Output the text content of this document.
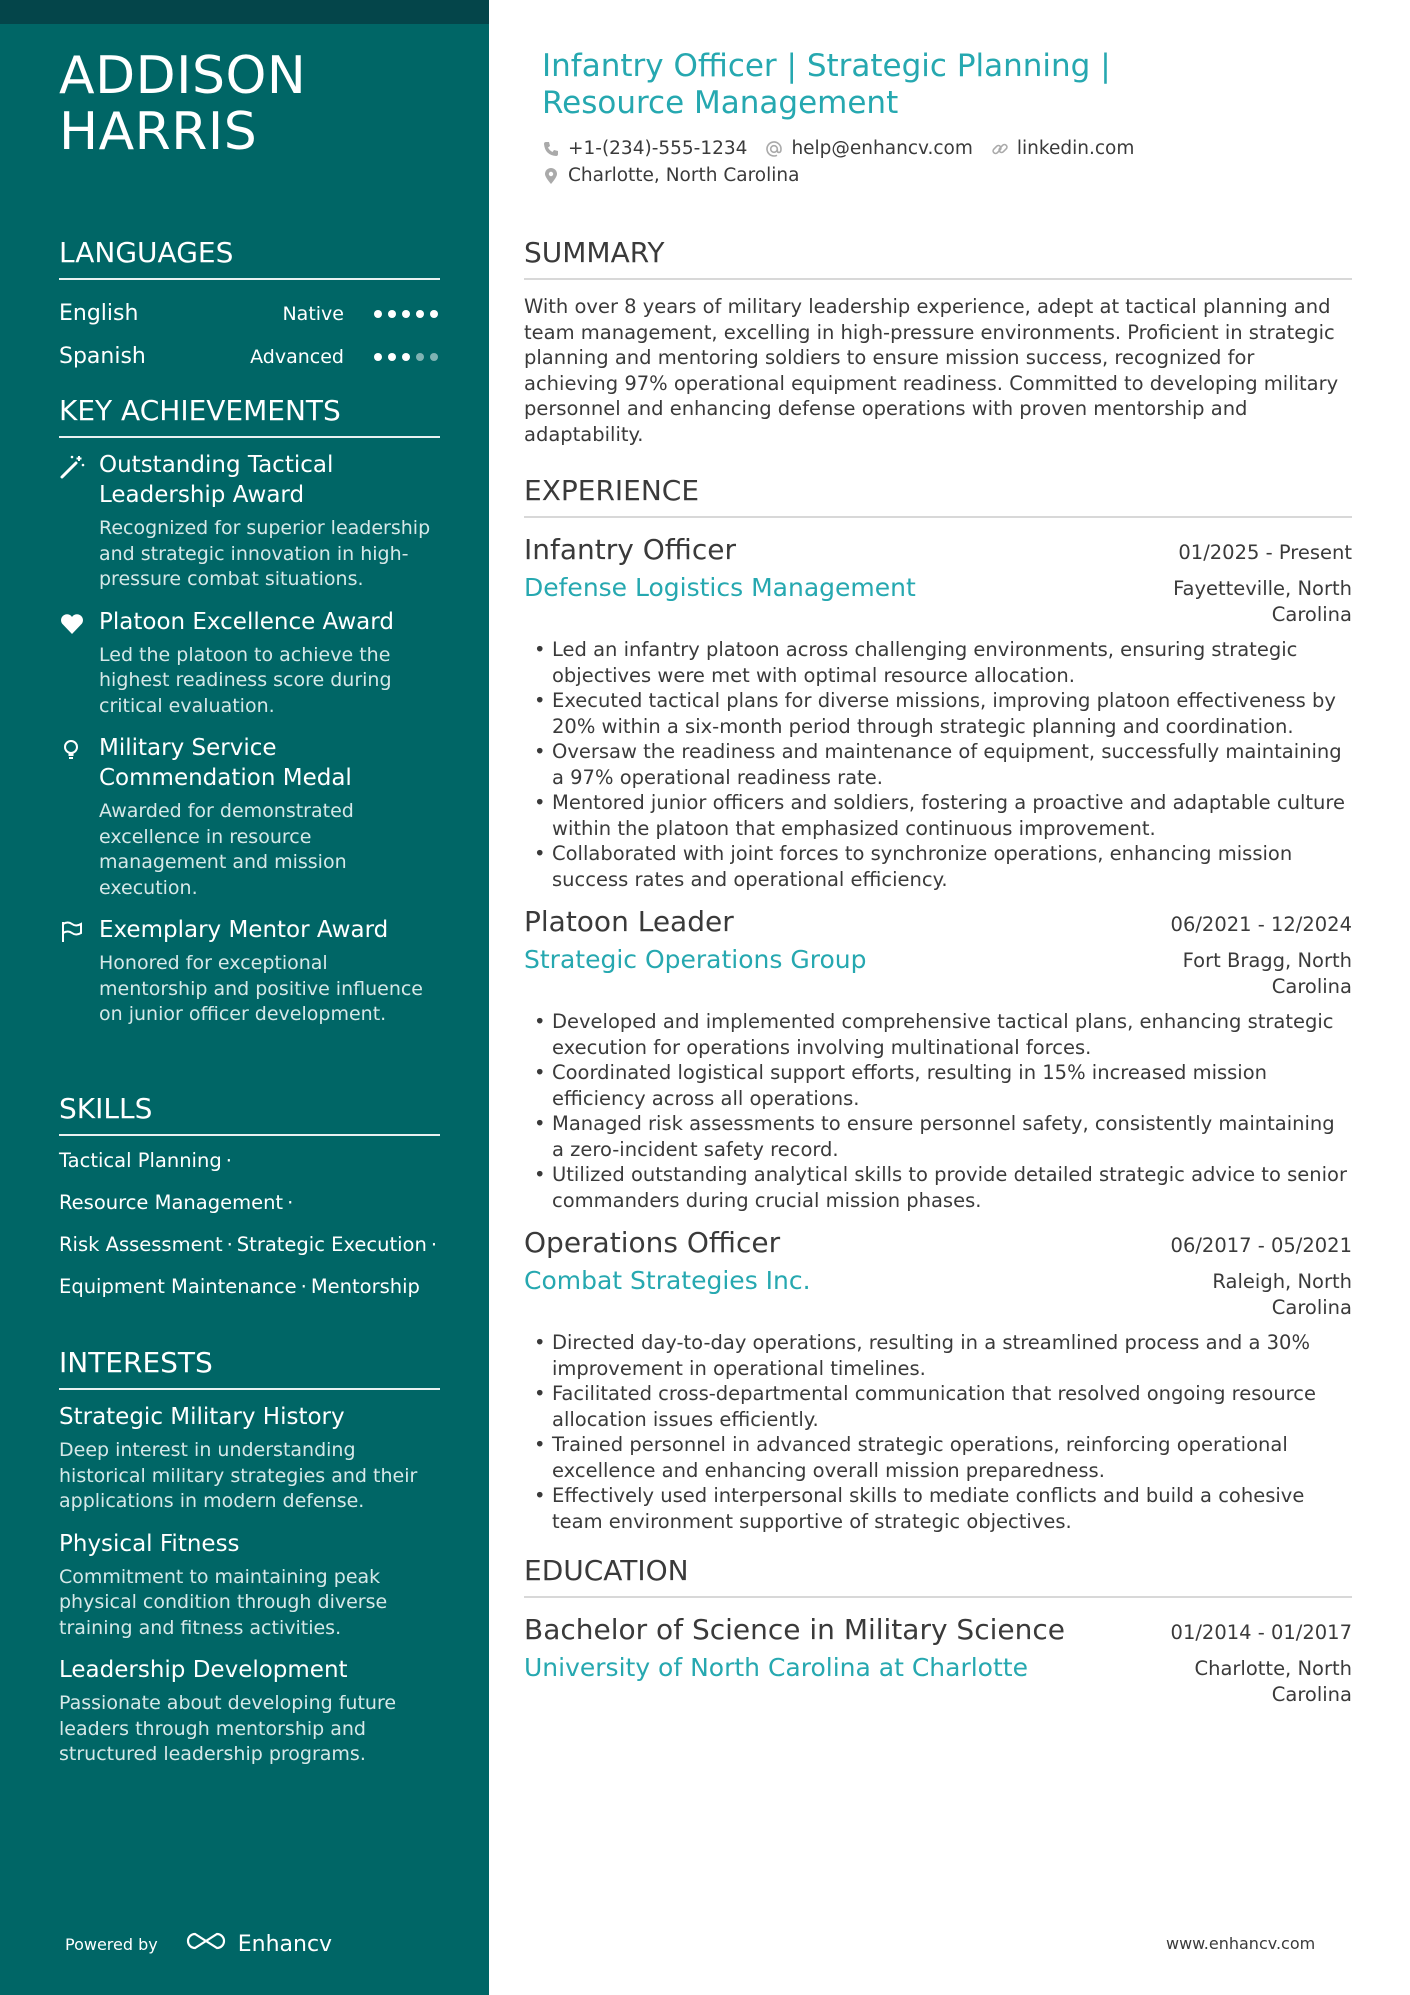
ADDISON
HARRIS
LANGUAGES
English	Native
Spanish	Advanced
KEY ACHIEVEMENTS
Outstanding Tactical Leadership Award
Recognized for superior leadership and strategic innovation in high-pressure combat situations.
Platoon Excellence Award
Led the platoon to achieve the highest readiness score during critical evaluation.
Military Service Commendation Medal
Awarded for demonstrated excellence in resource management and mission execution.
Exemplary Mentor Award
Honored for exceptional mentorship and positive influence on junior officer development.
SKILLS
Tactical Planning ·
Resource Management ·
Risk Assessment · Strategic Execution ·
Equipment Maintenance · Mentorship
INTERESTS
Strategic Military History
Deep interest in understanding historical military strategies and their applications in modern defense.
Physical Fitness
Commitment to maintaining peak physical condition through diverse training and fitness activities.
Leadership Development
Passionate about developing future leaders through mentorship and structured leadership programs.
Powered by	Enhancv
Infantry Officer | Strategic Planning | Resource Management
+1-(234)-555-1234 help@enhancv.com linkedin.com
Charlotte, North Carolina
SUMMARY
With over 8 years of military leadership experience, adept at tactical planning and team management, excelling in high-pressure environments. Proficient in strategic planning and mentoring soldiers to ensure mission success, recognized for achieving 97% operational equipment readiness. Committed to developing military personnel and enhancing defense operations with proven mentorship and adaptability.
EXPERIENCE
Infantry Officer	01/2025 - Present
Defense Logistics Management	Fayetteville, North Carolina
• Led an infantry platoon across challenging environments, ensuring strategic objectives were met with optimal resource allocation.
• Executed tactical plans for diverse missions, improving platoon effectiveness by 20% within a six-month period through strategic planning and coordination.
• Oversaw the readiness and maintenance of equipment, successfully maintaining a 97% operational readiness rate.
• Mentored junior officers and soldiers, fostering a proactive and adaptable culture within the platoon that emphasized continuous improvement.
• Collaborated with joint forces to synchronize operations, enhancing mission success rates and operational efficiency.
Platoon Leader	06/2021 - 12/2024
Strategic Operations Group	Fort Bragg, North Carolina
• Developed and implemented comprehensive tactical plans, enhancing strategic execution for operations involving multinational forces.
• Coordinated logistical support efforts, resulting in 15% increased mission efficiency across all operations.
• Managed risk assessments to ensure personnel safety, consistently maintaining a zero-incident safety record.
• Utilized outstanding analytical skills to provide detailed strategic advice to senior commanders during crucial mission phases.
Operations Officer	06/2017 - 05/2021
Combat Strategies Inc.	Raleigh, North Carolina
• Directed day-to-day operations, resulting in a streamlined process and a 30% improvement in operational timelines.
• Facilitated cross-departmental communication that resolved ongoing resource allocation issues efficiently.
• Trained personnel in advanced strategic operations, reinforcing operational excellence and enhancing overall mission preparedness.
• Effectively used interpersonal skills to mediate conflicts and build a cohesive team environment supportive of strategic objectives.
EDUCATION
Bachelor of Science in Military Science	01/2014 - 01/2017
University of North Carolina at Charlotte	Charlotte, North Carolina
www.enhancv.com
